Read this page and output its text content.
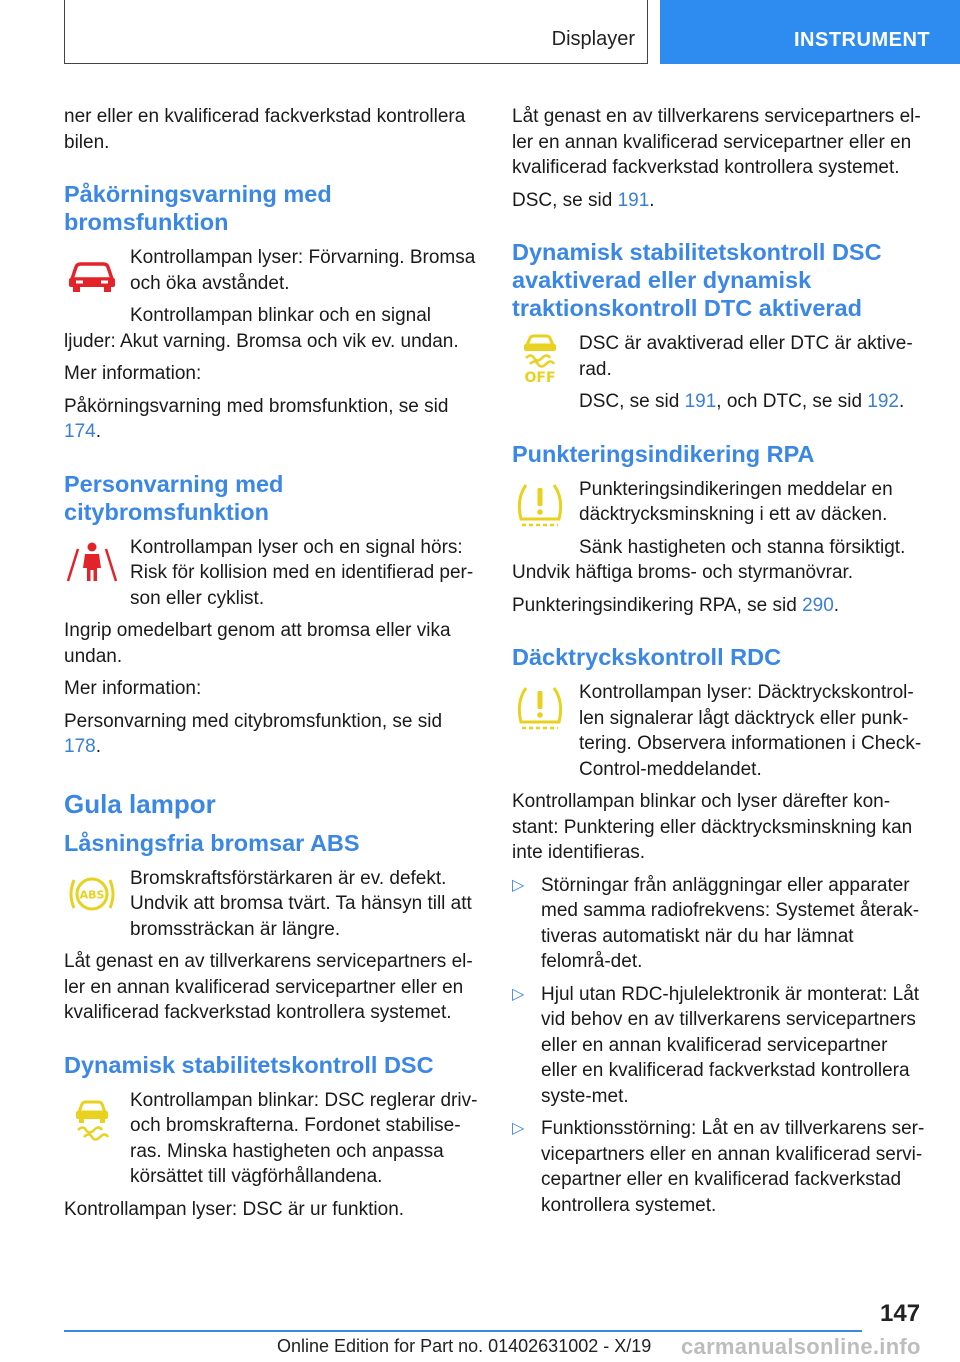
Displayer	INSTRUMENT

ner eller en kvalificerad fackverkstad kontrollera bilen.

Påkörningsvarning med bromsfunktion

Kontrollampan lyser: Förvarning. Bromsa och öka avståndet.

Kontrollampan blinkar och en signal ljuder: Akut varning. Bromsa och vik ev. undan.

Mer information:

Påkörningsvarning med bromsfunktion, se sid 174.

Personvarning med citybromsfunktion

Kontrollampan lyser och en signal hörs: Risk för kollision med en identifierad per-son eller cyklist.

Ingrip omedelbart genom att bromsa eller vika undan.

Mer information:

Personvarning med citybromsfunktion, se sid 178.

Gula lampor
Låsningsfria bromsar ABS
ABS

Bromskraftsförstärkaren är ev. defekt. Undvik att bromsa tvärt. Ta hänsyn till att bromssträckan är längre.

Låt genast en av tillverkarens servicepartners el-ler en annan kvalificerad servicepartner eller en kvalificerad fackverkstad kontrollera systemet.

Dynamisk stabilitetskontroll DSC

Kontrollampan blinkar: DSC reglerar driv- och bromskrafterna. Fordonet stabilise-ras. Minska hastigheten och anpassa körsättet till vägförhållandena.

Kontrollampan lyser: DSC är ur funktion.

Låt genast en av tillverkarens servicepartners el-ler en annan kvalificerad servicepartner eller en kvalificerad fackverkstad kontrollera systemet.

DSC, se sid 191.

Dynamisk stabilitetskontroll DSC avaktiverad eller dynamisk traktionskontroll DTC aktiverad
OFF

DSC är avaktiverad eller DTC är aktive-rad.

DSC, se sid 191, och DTC, se sid 192.

Punkteringsindikering RPA

Punkteringsindikeringen meddelar en däcktrycksminskning i ett av däcken.

Sänk hastigheten och stanna försiktigt. Undvik häftiga broms- och styrmanövrar.

Punkteringsindikering RPA, se sid 290.

Däcktryckskontroll RDC

Kontrollampan lyser: Däcktryckskontrol-len signalerar lågt däcktryck eller punk-tering. Observera informationen i Check-Control-meddelandet.

Kontrollampan blinkar och lyser därefter kon-stant: Punktering eller däcktrycksminskning kan inte identifieras.

▷ Störningar från anläggningar eller apparater med samma radiofrekvens: Systemet återak-tiveras automatiskt när du har lämnat felområ-det.
▷ Hjul utan RDC-hjulelektronik är monterat: Låt vid behov en av tillverkarens servicepartners eller en annan kvalificerad servicepartner eller en kvalificerad fackverkstad kontrollera syste-met.
▷ Funktionsstörning: Låt en av tillverkarens ser-vicepartners eller en annan kvalificerad servi-cepartner eller en kvalificerad fackverkstad kontrollera systemet.
147
Online Edition for Part no. 01402631002 - X/19 carmanualsonline.info
